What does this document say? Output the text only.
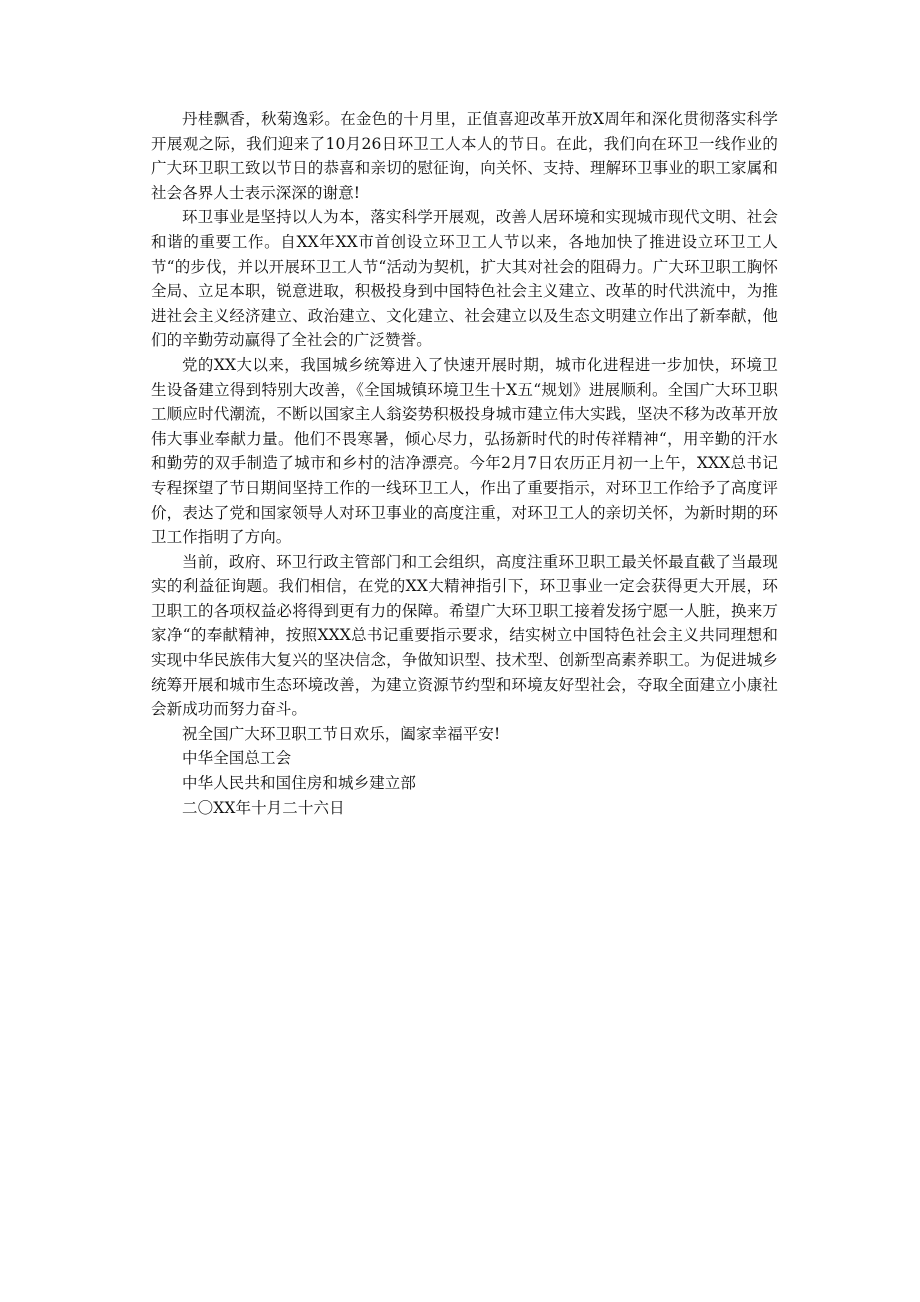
丹桂飘香，秋菊逸彩。在金色的十月里，正值喜迎改革开放X周年和深化贯彻落实科学开展观之际，我们迎来了10月26日环卫工人本人的节日。在此，我们向在环卫一线作业的广大环卫职工致以节日的恭喜和亲切的慰征询，向关怀、支持、理解环卫事业的职工家属和社会各界人士表示深深的谢意!

环卫事业是坚持以人为本，落实科学开展观，改善人居环境和实现城市现代文明、社会和谐的重要工作。自XX年XX市首创设立环卫工人节以来，各地加快了推进设立环卫工人节“的步伐，并以开展环卫工人节“活动为契机，扩大其对社会的阻碍力。广大环卫职工胸怀全局、立足本职，锐意进取，积极投身到中国特色社会主义建立、改革的时代洪流中，为推进社会主义经济建立、政治建立、文化建立、社会建立以及生态文明建立作出了新奉献，他们的辛勤劳动赢得了全社会的广泛赞誉。

党的XX大以来，我国城乡统筹进入了快速开展时期，城市化进程进一步加快，环境卫生设备建立得到特别大改善，《全国城镇环境卫生十X五“规划》进展顺利。全国广大环卫职工顺应时代潮流，不断以国家主人翁姿势积极投身城市建立伟大实践，坚决不移为改革开放伟大事业奉献力量。他们不畏寒暑，倾心尽力，弘扬新时代的时传祥精神“，用辛勤的汗水和勤劳的双手制造了城市和乡村的洁净漂亮。今年2月7日农历正月初一上午，XXX总书记专程探望了节日期间坚持工作的一线环卫工人，作出了重要指示，对环卫工作给予了高度评价，表达了党和国家领导人对环卫事业的高度注重，对环卫工人的亲切关怀，为新时期的环卫工作指明了方向。

当前，政府、环卫行政主管部门和工会组织，高度注重环卫职工最关怀最直截了当最现实的利益征询题。我们相信，在党的XX大精神指引下，环卫事业一定会获得更大开展，环卫职工的各项权益必将得到更有力的保障。希望广大环卫职工接着发扬宁愿一人脏，换来万家净“的奉献精神，按照XXX总书记重要指示要求，结实树立中国特色社会主义共同理想和实现中华民族伟大复兴的坚决信念，争做知识型、技术型、创新型高素养职工。为促进城乡统筹开展和城市生态环境改善，为建立资源节约型和环境友好型社会，夺取全面建立小康社会新成功而努力奋斗。

祝全国广大环卫职工节日欢乐，阖家幸福平安!

中华全国总工会

中华人民共和国住房和城乡建立部

二〇XX年十月二十六日
